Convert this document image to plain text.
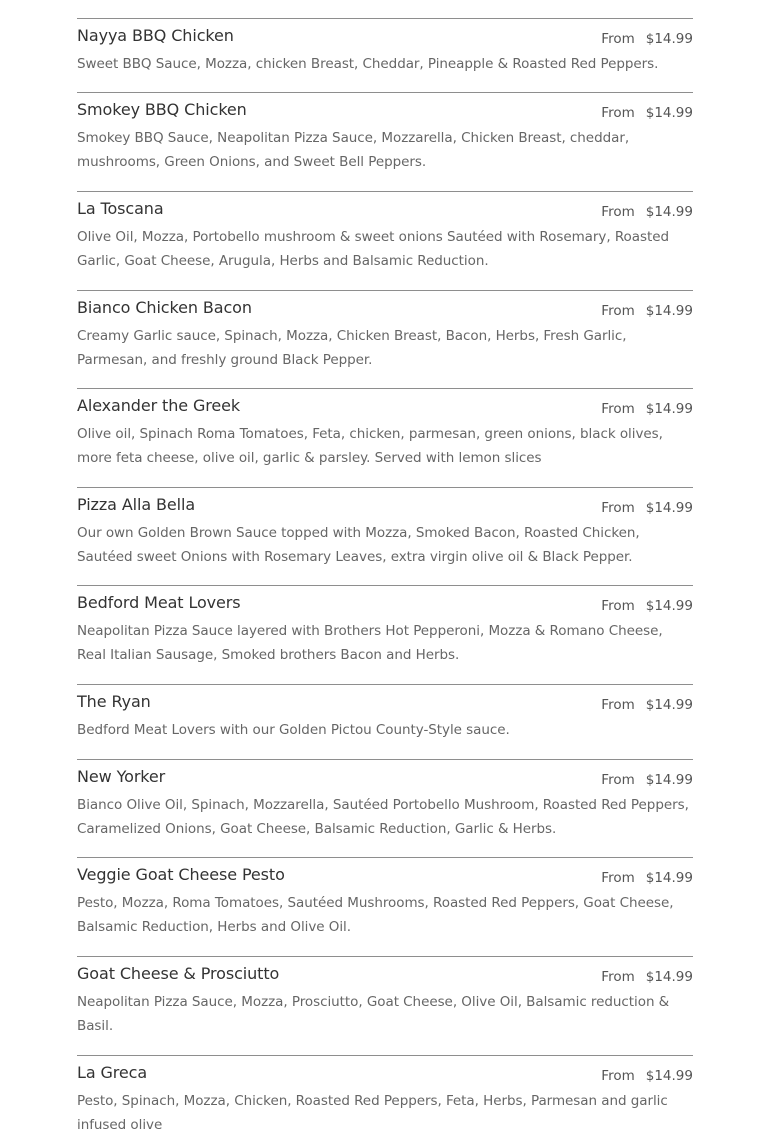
Nayya BBQ Chicken	From $14.99
Sweet BBQ Sauce, Mozza, chicken Breast, Cheddar, Pineapple & Roasted Red Peppers.
Smokey BBQ Chicken	From $14.99
Smokey BBQ Sauce, Neapolitan Pizza Sauce, Mozzarella, Chicken Breast, cheddar, mushrooms, Green Onions, and Sweet Bell Peppers.
La Toscana	From $14.99
Olive Oil, Mozza, Portobello mushroom & sweet onions Sautéed with Rosemary, Roasted Garlic, Goat Cheese, Arugula, Herbs and Balsamic Reduction.
Bianco Chicken Bacon	From $14.99
Creamy Garlic sauce, Spinach, Mozza, Chicken Breast, Bacon, Herbs, Fresh Garlic, Parmesan, and freshly ground Black Pepper.
Alexander the Greek	From $14.99
Olive oil, Spinach Roma Tomatoes, Feta, chicken, parmesan, green onions, black olives, more feta cheese, olive oil, garlic & parsley. Served with lemon slices
Pizza Alla Bella	From $14.99
Our own Golden Brown Sauce topped with Mozza, Smoked Bacon, Roasted Chicken, Sautéed sweet Onions with Rosemary Leaves, extra virgin olive oil & Black Pepper.
Bedford Meat Lovers	From $14.99
Neapolitan Pizza Sauce layered with Brothers Hot Pepperoni, Mozza & Romano Cheese, Real Italian Sausage, Smoked brothers Bacon and Herbs.
The Ryan	From $14.99
Bedford Meat Lovers with our Golden Pictou County-Style sauce.
New Yorker	From $14.99
Bianco Olive Oil, Spinach, Mozzarella, Sautéed Portobello Mushroom, Roasted Red Peppers, Caramelized Onions, Goat Cheese, Balsamic Reduction, Garlic & Herbs.
Veggie Goat Cheese Pesto	From $14.99
Pesto, Mozza, Roma Tomatoes, Sautéed Mushrooms, Roasted Red Peppers, Goat Cheese, Balsamic Reduction, Herbs and Olive Oil.
Goat Cheese & Prosciutto	From $14.99
Neapolitan Pizza Sauce, Mozza, Prosciutto, Goat Cheese, Olive Oil, Balsamic reduction & Basil.
La Greca	From $14.99
Pesto, Spinach, Mozza, Chicken, Roasted Red Peppers, Feta, Herbs, Parmesan and garlic infused olive
